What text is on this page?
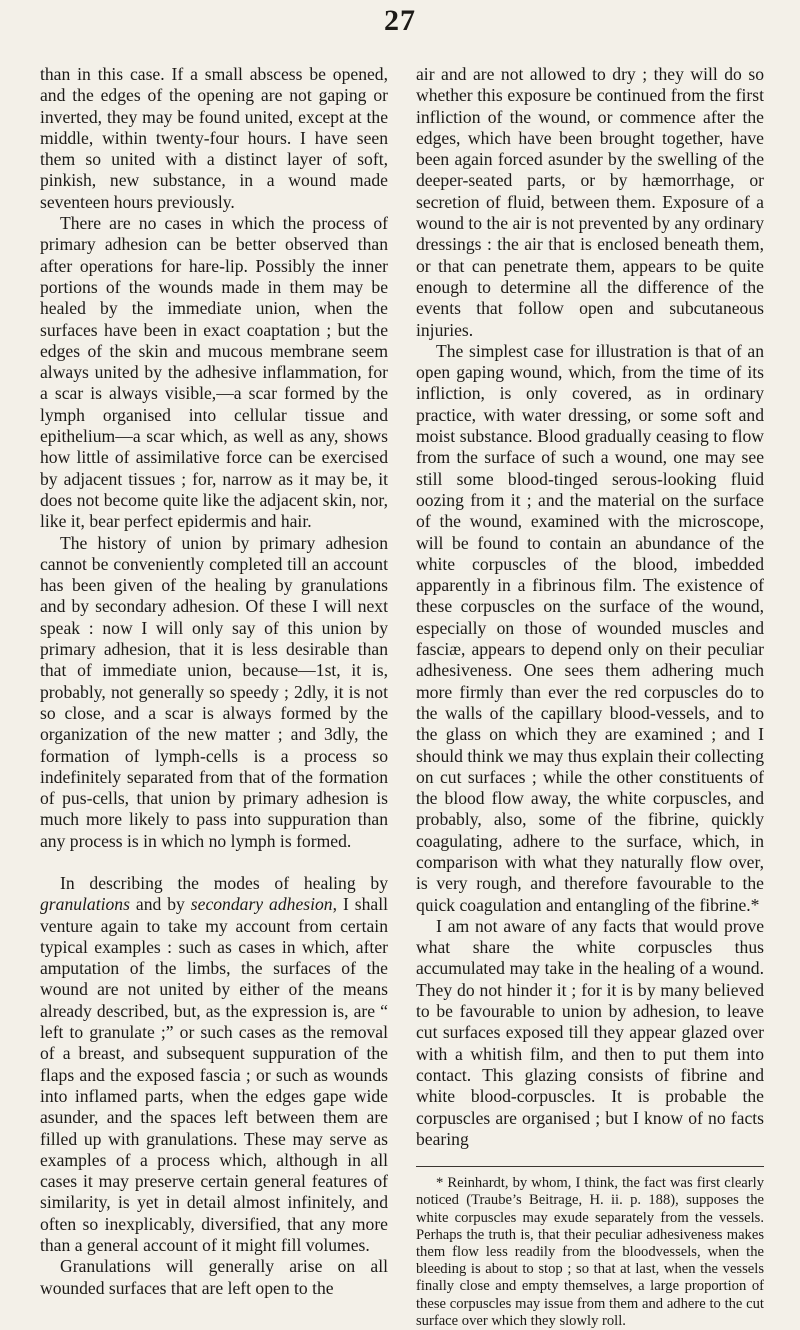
27

than in this case. If a small abscess be opened, and the edges of the opening are not gaping or inverted, they may be found united, except at the middle, within twenty-four hours. I have seen them so united with a distinct layer of soft, pinkish, new substance, in a wound made seventeen hours previously.

There are no cases in which the process of primary adhesion can be better observed than after operations for hare-lip. Possibly the inner portions of the wounds made in them may be healed by the immediate union, when the surfaces have been in exact coaptation ; but the edges of the skin and mucous membrane seem always united by the adhesive inflammation, for a scar is always visible,—a scar formed by the lymph organised into cellular tissue and epithelium—a scar which, as well as any, shows how little of assimilative force can be exercised by adjacent tissues ; for, narrow as it may be, it does not become quite like the adjacent skin, nor, like it, bear perfect epidermis and hair.

The history of union by primary adhesion cannot be conveniently completed till an account has been given of the healing by granulations and by secondary adhesion. Of these I will next speak : now I will only say of this union by primary adhesion, that it is less desirable than that of immediate union, because—1st, it is, probably, not generally so speedy ; 2dly, it is not so close, and a scar is always formed by the organization of the new matter ; and 3dly, the formation of lymph-cells is a process so indefinitely separated from that of the formation of pus-cells, that union by primary adhesion is much more likely to pass into suppuration than any process is in which no lymph is formed.

In describing the modes of healing by granulations and by secondary adhesion, I shall venture again to take my account from certain typical examples : such as cases in which, after amputation of the limbs, the surfaces of the wound are not united by either of the means already described, but, as the expression is, are “ left to granulate ;” or such cases as the removal of a breast, and subsequent suppuration of the flaps and the exposed fascia ; or such as wounds into inflamed parts, when the edges gape wide asunder, and the spaces left between them are filled up with granulations. These may serve as examples of a process which, although in all cases it may preserve certain general features of similarity, is yet in detail almost infinitely, and often so inexplicably, diversified, that any more than a general account of it might fill volumes.

Granulations will generally arise on all wounded surfaces that are left open to the

air and are not allowed to dry ; they will do so whether this exposure be continued from the first infliction of the wound, or commence after the edges, which have been brought together, have been again forced asunder by the swelling of the deeper-seated parts, or by hæmorrhage, or secretion of fluid, between them. Exposure of a wound to the air is not prevented by any ordinary dressings : the air that is enclosed beneath them, or that can penetrate them, appears to be quite enough to determine all the difference of the events that follow open and subcutaneous injuries.

The simplest case for illustration is that of an open gaping wound, which, from the time of its infliction, is only covered, as in ordinary practice, with water dressing, or some soft and moist substance. Blood gradually ceasing to flow from the surface of such a wound, one may see still some blood-tinged serous-looking fluid oozing from it ; and the material on the surface of the wound, examined with the microscope, will be found to contain an abundance of the white corpuscles of the blood, imbedded apparently in a fibrinous film. The existence of these corpuscles on the surface of the wound, especially on those of wounded muscles and fasciæ, appears to depend only on their peculiar adhesiveness. One sees them adhering much more firmly than ever the red corpuscles do to the walls of the capillary blood-vessels, and to the glass on which they are examined ; and I should think we may thus explain their collecting on cut surfaces ; while the other constituents of the blood flow away, the white corpuscles, and probably, also, some of the fibrine, quickly coagulating, adhere to the surface, which, in comparison with what they naturally flow over, is very rough, and therefore favourable to the quick coagulation and entangling of the fibrine.*

I am not aware of any facts that would prove what share the white corpuscles thus accumulated may take in the healing of a wound. They do not hinder it ; for it is by many believed to be favourable to union by adhesion, to leave cut surfaces exposed till they appear glazed over with a whitish film, and then to put them into contact. This glazing consists of fibrine and white blood-corpuscles. It is probable the corpuscles are organised ; but I know of no facts bearing

* Reinhardt, by whom, I think, the fact was first clearly noticed (Traube’s Beitrage, H. ii. p. 188), supposes the white corpuscles may exude separately from the vessels. Perhaps the truth is, that their peculiar adhesiveness makes them flow less readily from the bloodvessels, when the bleeding is about to stop ; so that at last, when the vessels finally close and empty themselves, a large proportion of these corpuscles may issue from them and adhere to the cut surface over which they slowly roll.
